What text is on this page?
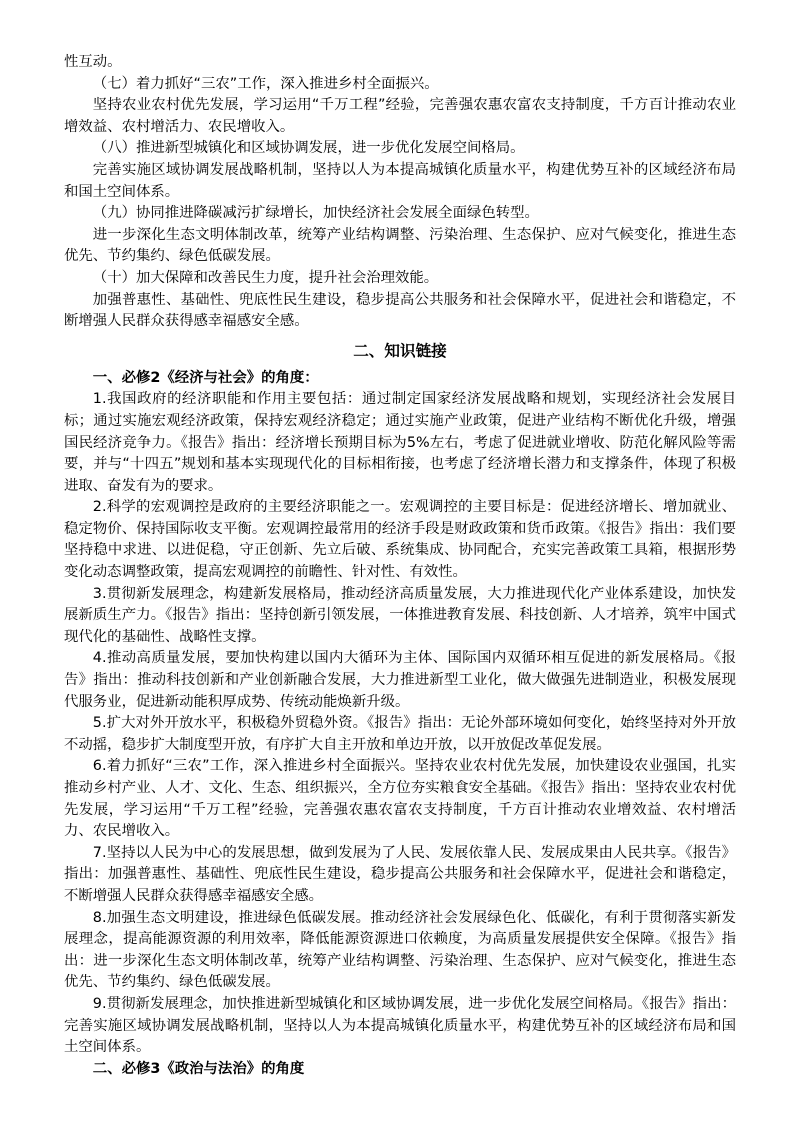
性互动。

（七）着力抓好“三农”工作，深入推进乡村全面振兴。

坚持农业农村优先发展，学习运用“千万工程”经验，完善强农惠农富农支持制度，千方百计推动农业增效益、农村增活力、农民增收入。

（八）推进新型城镇化和区域协调发展，进一步优化发展空间格局。

完善实施区域协调发展战略机制，坚持以人为本提高城镇化质量水平，构建优势互补的区域经济布局和国土空间体系。

（九）协同推进降碳减污扩绿增长，加快经济社会发展全面绿色转型。

进一步深化生态文明体制改革，统筹产业结构调整、污染治理、生态保护、应对气候变化，推进生态优先、节约集约、绿色低碳发展。

（十）加大保障和改善民生力度，提升社会治理效能。

加强普惠性、基础性、兜底性民生建设，稳步提高公共服务和社会保障水平，促进社会和谐稳定，不断增强人民群众获得感幸福感安全感。

二、知识链接

一、必修2《经济与社会》的角度：

1.我国政府的经济职能和作用主要包括：通过制定国家经济发展战略和规划，实现经济社会发展目标；通过实施宏观经济政策，保持宏观经济稳定；通过实施产业政策，促进产业结构不断优化升级，增强国民经济竞争力。《报告》指出：经济增长预期目标为5%左右，考虑了促进就业增收、防范化解风险等需要，并与“十四五”规划和基本实现现代化的目标相衔接，也考虑了经济增长潜力和支撑条件，体现了积极进取、奋发有为的要求。

2.科学的宏观调控是政府的主要经济职能之一。宏观调控的主要目标是：促进经济增长、增加就业、稳定物价、保持国际收支平衡。宏观调控最常用的经济手段是财政政策和货币政策。《报告》指出：我们要坚持稳中求进、以进促稳，守正创新、先立后破、系统集成、协同配合，充实完善政策工具箱，根据形势变化动态调整政策，提高宏观调控的前瞻性、针对性、有效性。

3.贯彻新发展理念，构建新发展格局，推动经济高质量发展，大力推进现代化产业体系建设，加快发展新质生产力。《报告》指出：坚持创新引领发展，一体推进教育发展、科技创新、人才培养，筑牢中国式现代化的基础性、战略性支撑。

4.推动高质量发展，要加快构建以国内大循环为主体、国际国内双循环相互促进的新发展格局。《报告》指出：推动科技创新和产业创新融合发展，大力推进新型工业化，做大做强先进制造业，积极发展现代服务业，促进新动能积厚成势、传统动能焕新升级。

5.扩大对外开放水平，积极稳外贸稳外资。《报告》指出：无论外部环境如何变化，始终坚持对外开放不动摇，稳步扩大制度型开放，有序扩大自主开放和单边开放，以开放促改革促发展。

6.着力抓好“三农”工作，深入推进乡村全面振兴。坚持农业农村优先发展，加快建设农业强国，扎实推动乡村产业、人才、文化、生态、组织振兴，全方位夯实粮食安全基础。《报告》指出：坚持农业农村优先发展，学习运用“千万工程”经验，完善强农惠农富农支持制度，千方百计推动农业增效益、农村增活力、农民增收入。

7.坚持以人民为中心的发展思想，做到发展为了人民、发展依靠人民、发展成果由人民共享。《报告》指出：加强普惠性、基础性、兜底性民生建设，稳步提高公共服务和社会保障水平，促进社会和谐稳定，不断增强人民群众获得感幸福感安全感。

8.加强生态文明建设，推进绿色低碳发展。推动经济社会发展绿色化、低碳化，有利于贯彻落实新发展理念，提高能源资源的利用效率，降低能源资源进口依赖度，为高质量发展提供安全保障。《报告》指出：进一步深化生态文明体制改革，统筹产业结构调整、污染治理、生态保护、应对气候变化，推进生态优先、节约集约、绿色低碳发展。

9.贯彻新发展理念，加快推进新型城镇化和区域协调发展，进一步优化发展空间格局。《报告》指出：完善实施区域协调发展战略机制，坚持以人为本提高城镇化质量水平，构建优势互补的区域经济布局和国土空间体系。

二、必修3《政治与法治》的角度
